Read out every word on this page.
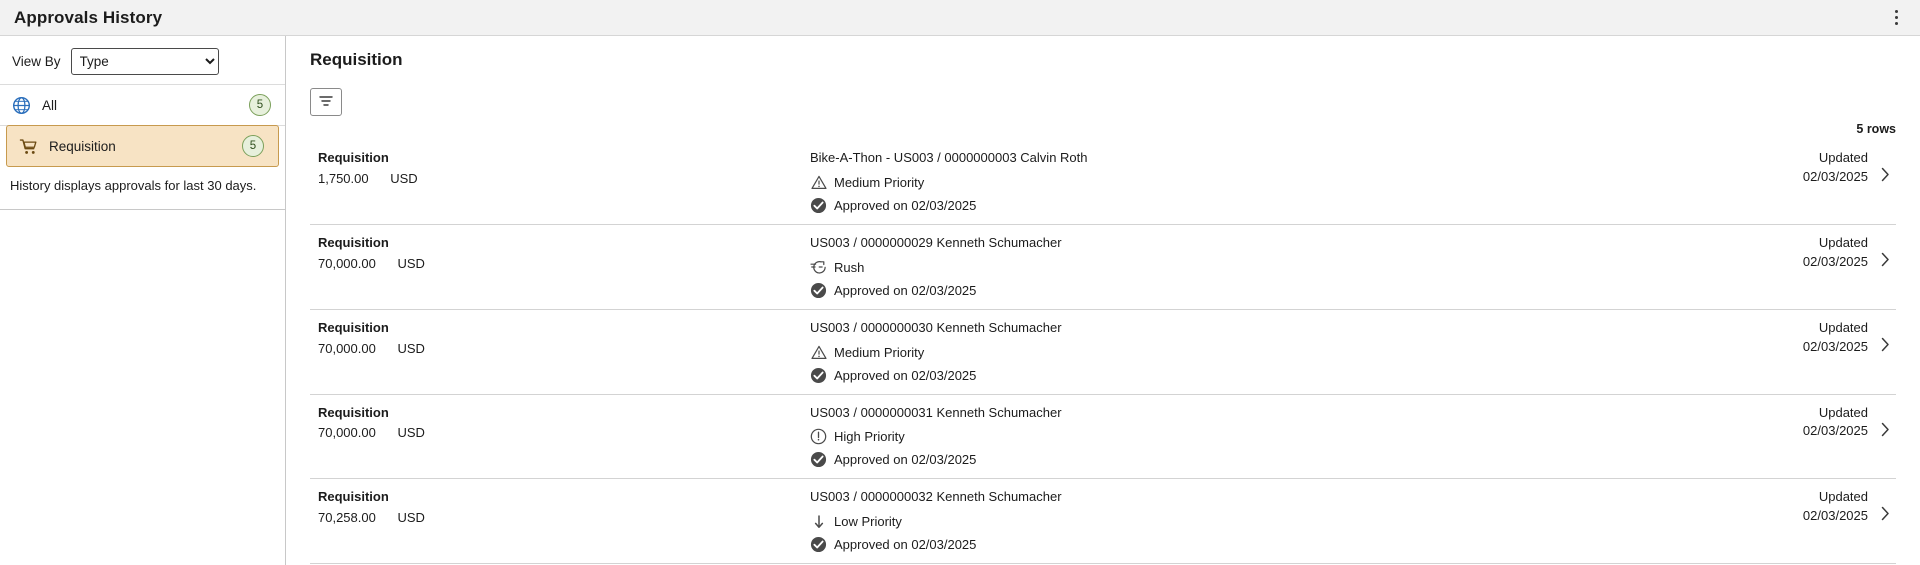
Approvals History
View By
Type
All	5
Requisition	5
History displays approvals for last 30 days.
Requisition
5 rows
Requisition
1,750.00 USD
Bike-A-Thon - US003 / 0000000003 Calvin Roth
Medium Priority
Approved on 02/03/2025
Updated
02/03/2025
Requisition
70,000.00 USD
US003 / 0000000029 Kenneth Schumacher
Rush
Approved on 02/03/2025
Updated
02/03/2025
Requisition
70,000.00 USD
US003 / 0000000030 Kenneth Schumacher
Medium Priority
Approved on 02/03/2025
Updated
02/03/2025
Requisition
70,000.00 USD
US003 / 0000000031 Kenneth Schumacher
High Priority
Approved on 02/03/2025
Updated
02/03/2025
Requisition
70,258.00 USD
US003 / 0000000032 Kenneth Schumacher
Low Priority
Approved on 02/03/2025
Updated
02/03/2025
